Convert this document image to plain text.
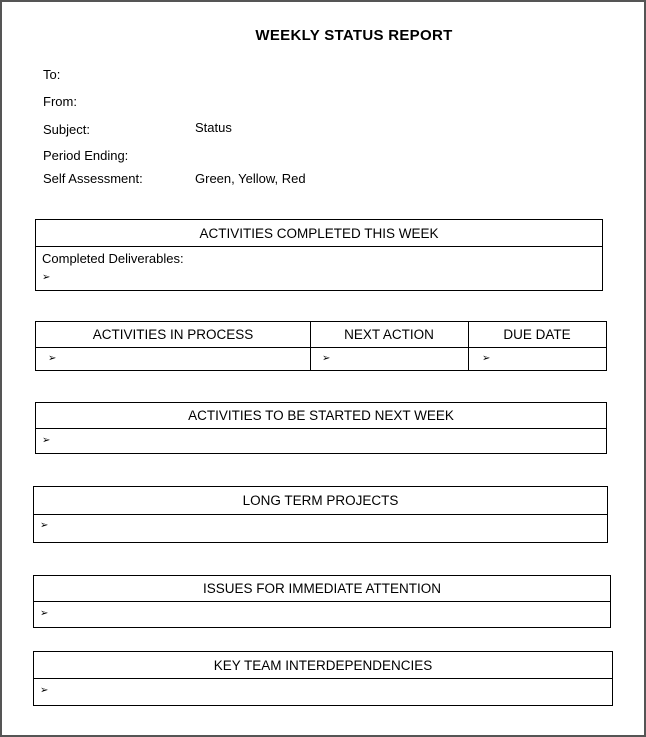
WEEKLY STATUS REPORT
To:
From:
Subject:	Status
Period Ending:
Self Assessment:	Green, Yellow, Red
ACTIVITIES COMPLETED THIS WEEK
Completed Deliverables:
➢
ACTIVITIES IN PROCESS	NEXT ACTION	DUE DATE
➢	➢	➢
ACTIVITIES TO BE STARTED NEXT WEEK
➢
LONG TERM PROJECTS
➢
ISSUES FOR IMMEDIATE ATTENTION
➢
KEY TEAM INTERDEPENDENCIES
➢
